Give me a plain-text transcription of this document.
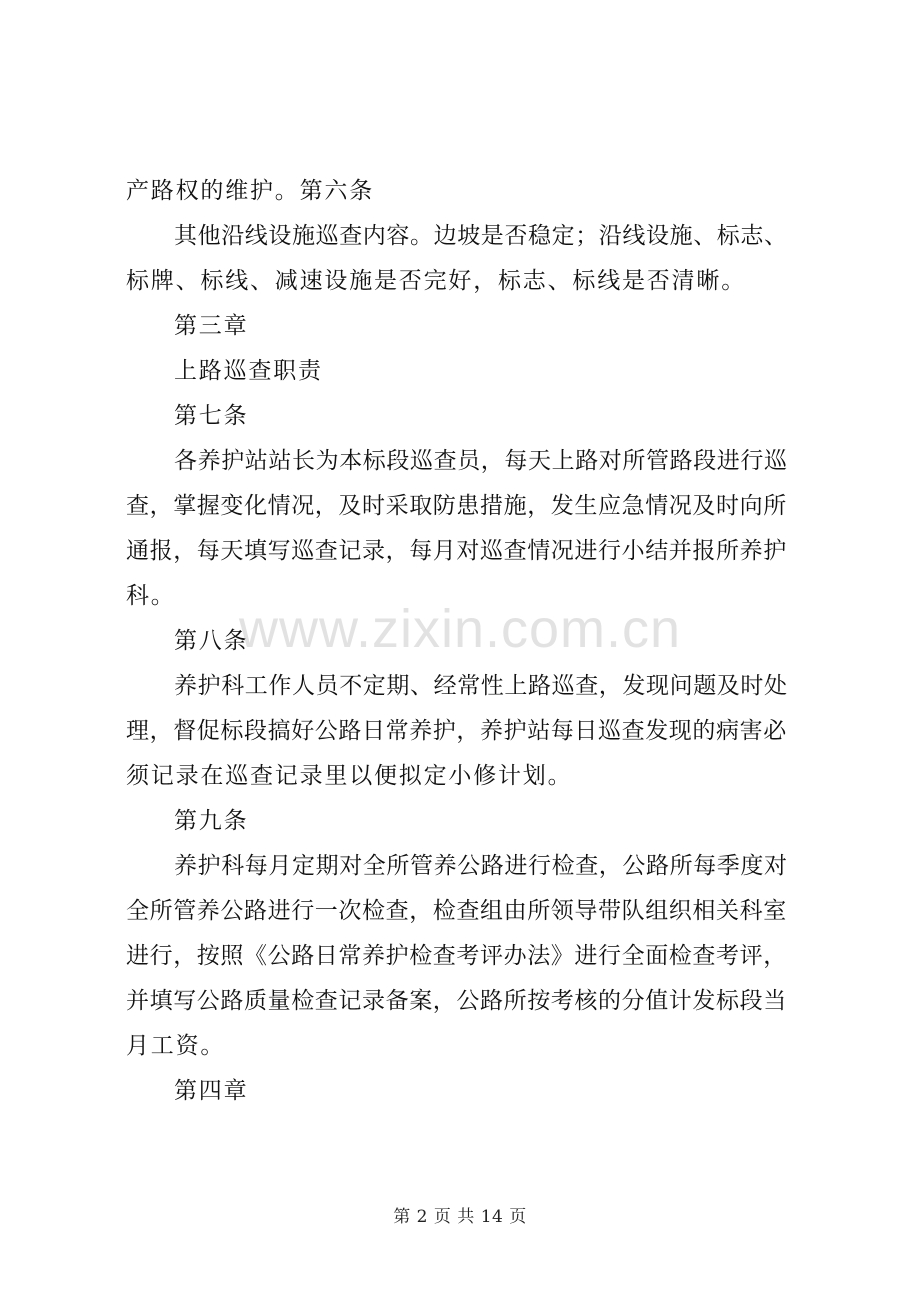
产路权的维护。第六条
其他沿线设施巡查内容。边坡是否稳定；沿线设施、标志、
标牌、标线、减速设施是否完好，标志、标线是否清晰。
第三章
上路巡查职责
第七条
各养护站站长为本标段巡查员，每天上路对所管路段进行巡
查，掌握变化情况，及时采取防患措施，发生应急情况及时向所
通报，每天填写巡查记录，每月对巡查情况进行小结并报所养护
科。
第八条
养护科工作人员不定期、经常性上路巡查，发现问题及时处
理，督促标段搞好公路日常养护，养护站每日巡查发现的病害必
须记录在巡查记录里以便拟定小修计划。
第九条
养护科每月定期对全所管养公路进行检查，公路所每季度对
全所管养公路进行一次检查，检查组由所领导带队组织相关科室
进行，按照《公路日常养护检查考评办法》进行全面检查考评，
并填写公路质量检查记录备案，公路所按考核的分值计发标段当
月工资。
第四章
www.zixin.com.cn
第 2 页 共 14 页
